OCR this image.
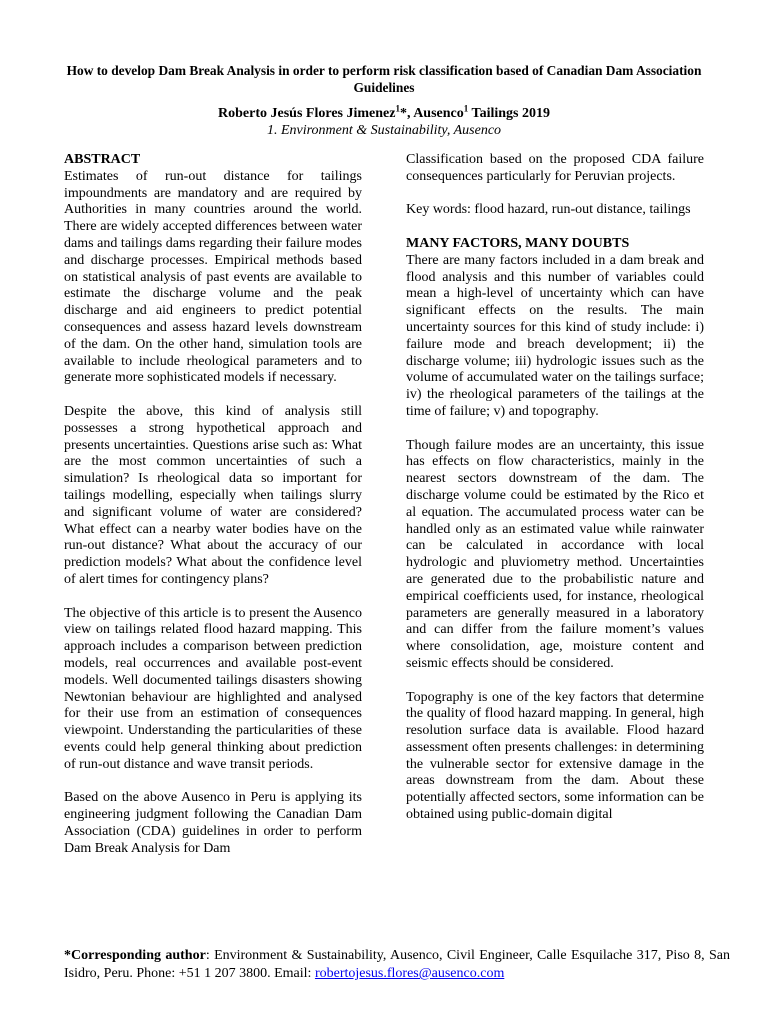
How to develop Dam Break Analysis in order to perform risk classification based of Canadian Dam Association Guidelines
Roberto Jesús Flores Jimenez$^1$*, Ausenco$^1$ Tailings 2019
1. Environment & Sustainability, Ausenco
ABSTRACT

Estimates of run-out distance for tailings impoundments are mandatory and are required by Authorities in many countries around the world. There are widely accepted differences between water dams and tailings dams regarding their failure modes and discharge processes. Empirical methods based on statistical analysis of past events are available to estimate the discharge volume and the peak discharge and aid engineers to predict potential consequences and assess hazard levels downstream of the dam. On the other hand, simulation tools are available to include rheological parameters and to generate more sophisticated models if necessary.

Despite the above, this kind of analysis still possesses a strong hypothetical approach and presents uncertainties. Questions arise such as: What are the most common uncertainties of such a simulation? Is rheological data so important for tailings modelling, especially when tailings slurry and significant volume of water are considered? What effect can a nearby water bodies have on the run-out distance? What about the accuracy of our prediction models? What about the confidence level of alert times for contingency plans?

The objective of this article is to present the Ausenco view on tailings related flood hazard mapping. This approach includes a comparison between prediction models, real occurrences and available post-event models. Well documented tailings disasters showing Newtonian behaviour are highlighted and analysed for their use from an estimation of consequences viewpoint. Understanding the particularities of these events could help general thinking about prediction of run-out distance and wave transit periods.

Based on the above Ausenco in Peru is applying its engineering judgment following the Canadian Dam Association (CDA) guidelines in order to perform Dam Break Analysis for Dam

Classification based on the proposed CDA failure consequences particularly for Peruvian projects.

Key words: flood hazard, run-out distance, tailings

MANY FACTORS, MANY DOUBTS

There are many factors included in a dam break and flood analysis and this number of variables could mean a high-level of uncertainty which can have significant effects on the results. The main uncertainty sources for this kind of study include: i) failure mode and breach development; ii) the discharge volume; iii) hydrologic issues such as the volume of accumulated water on the tailings surface; iv) the rheological parameters of the tailings at the time of failure; v) and topography.

Though failure modes are an uncertainty, this issue has effects on flow characteristics, mainly in the nearest sectors downstream of the dam. The discharge volume could be estimated by the Rico et al equation. The accumulated process water can be handled only as an estimated value while rainwater can be calculated in accordance with local hydrologic and pluviometry method. Uncertainties are generated due to the probabilistic nature and empirical coefficients used, for instance, rheological parameters are generally measured in a laboratory and can differ from the failure moment’s values where consolidation, age, moisture content and seismic effects should be considered.

Topography is one of the key factors that determine the quality of flood hazard mapping. In general, high resolution surface data is available. Flood hazard assessment often presents challenges: in determining the vulnerable sector for extensive damage in the areas downstream from the dam. About these potentially affected sectors, some information can be obtained using public-domain digital

*Corresponding author: Environment & Sustainability, Ausenco, Civil Engineer, Calle Esquilache 317, Piso 8, San Isidro, Peru. Phone: +51 1 207 3800. Email: robertojesus.flores@ausenco.com
